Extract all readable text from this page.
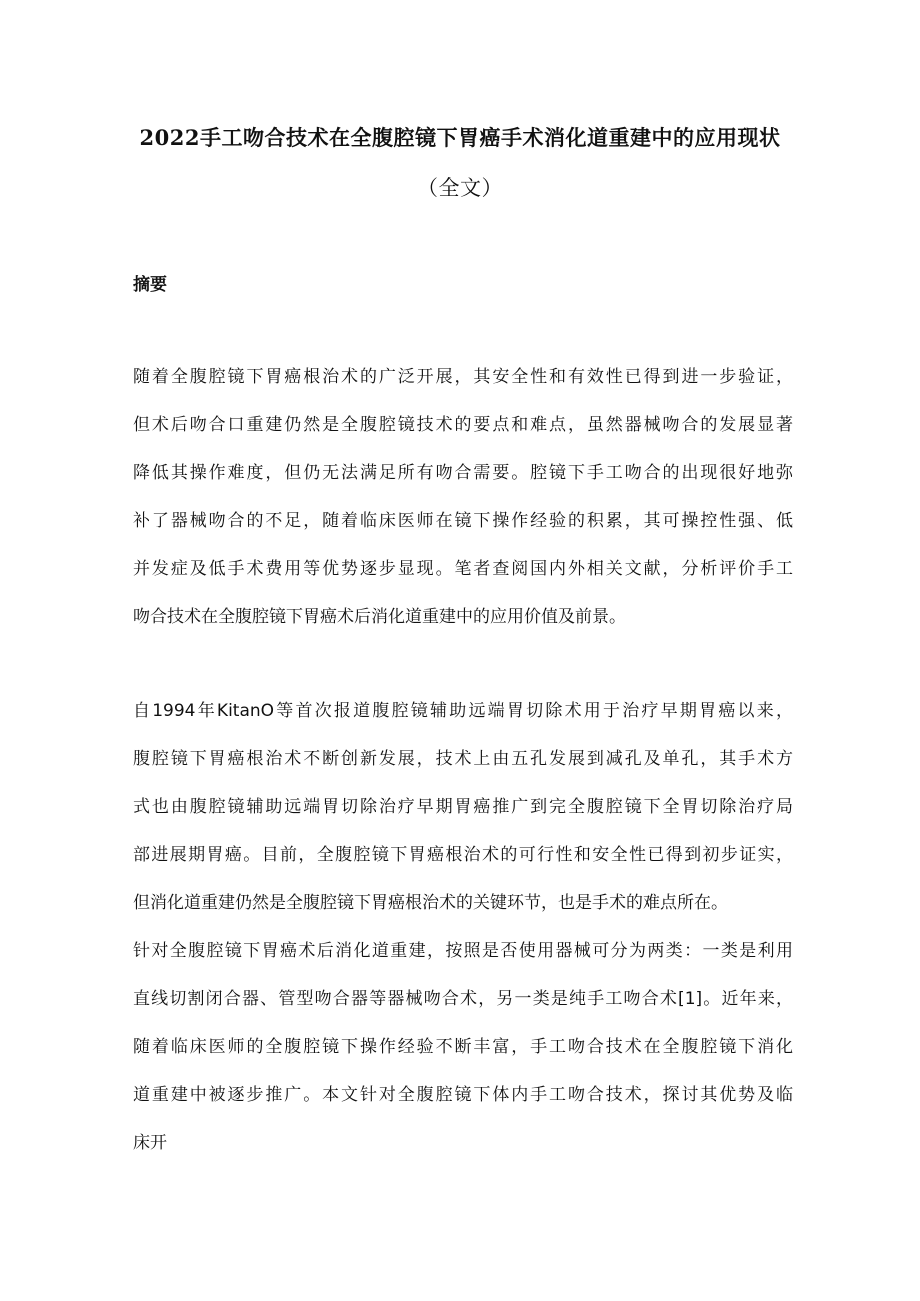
2022手工吻合技术在全腹腔镜下胃癌手术消化道重建中的应用现状
（全文）
摘要
随着全腹腔镜下胃癌根治术的广泛开展，其安全性和有效性已得到进一步验证，
但术后吻合口重建仍然是全腹腔镜技术的要点和难点，虽然器械吻合的发展显著
降低其操作难度，但仍无法满足所有吻合需要。腔镜下手工吻合的出现很好地弥
补了器械吻合的不足，随着临床医师在镜下操作经验的积累，其可操控性强、低
并发症及低手术费用等优势逐步显现。笔者查阅国内外相关文献，分析评价手工
吻合技术在全腹腔镜下胃癌术后消化道重建中的应用价值及前景。
自1994年KitanO等首次报道腹腔镜辅助远端胃切除术用于治疗早期胃癌以来，
腹腔镜下胃癌根治术不断创新发展，技术上由五孔发展到减孔及单孔，其手术方
式也由腹腔镜辅助远端胃切除治疗早期胃癌推广到完全腹腔镜下全胃切除治疗局
部进展期胃癌。目前，全腹腔镜下胃癌根治术的可行性和安全性已得到初步证实，
但消化道重建仍然是全腹腔镜下胃癌根治术的关键环节，也是手术的难点所在。
针对全腹腔镜下胃癌术后消化道重建，按照是否使用器械可分为两类：一类是利用
直线切割闭合器、管型吻合器等器械吻合术，另一类是纯手工吻合术[1]。近年来，
随着临床医师的全腹腔镜下操作经验不断丰富，手工吻合技术在全腹腔镜下消化
道重建中被逐步推广。本文针对全腹腔镜下体内手工吻合技术，探讨其优势及临
床开
